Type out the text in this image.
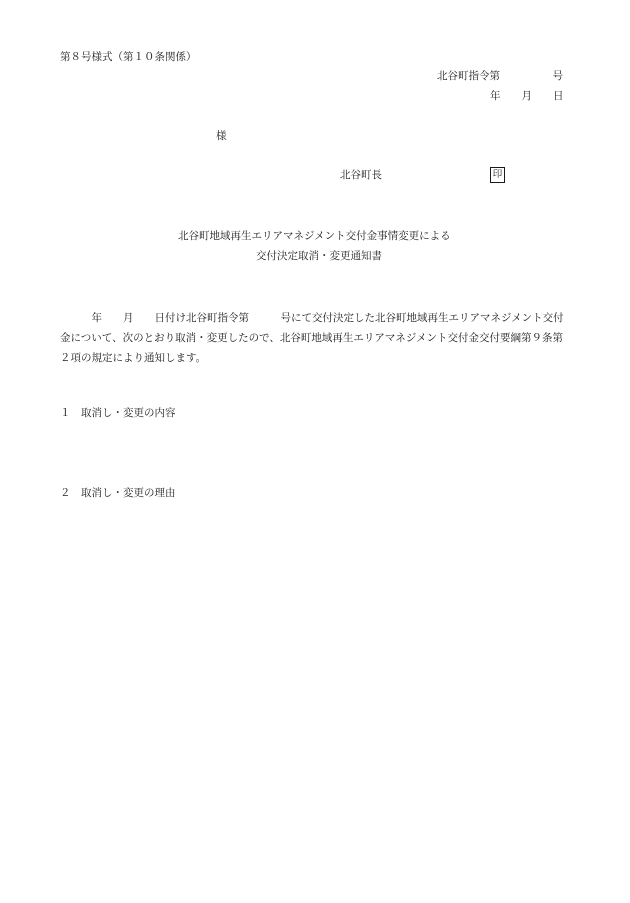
第８号様式（第１０条関係）
北谷町指令第　　　　　号
年　　月　　日
様
北谷町長	印
北谷町地域再生エリアマネジメント交付金事情変更による
交付決定取消・変更通知書

　　　年　　月　　日付け北谷町指令第　　　号にて交付決定した北谷町地域再生エリアマネジメント交付

金について、次のとおり取消・変更したので、北谷町地域再生エリアマネジメント交付金交付要綱第９条第

２項の規定により通知します。

１　取消し・変更の内容
２　取消し・変更の理由
